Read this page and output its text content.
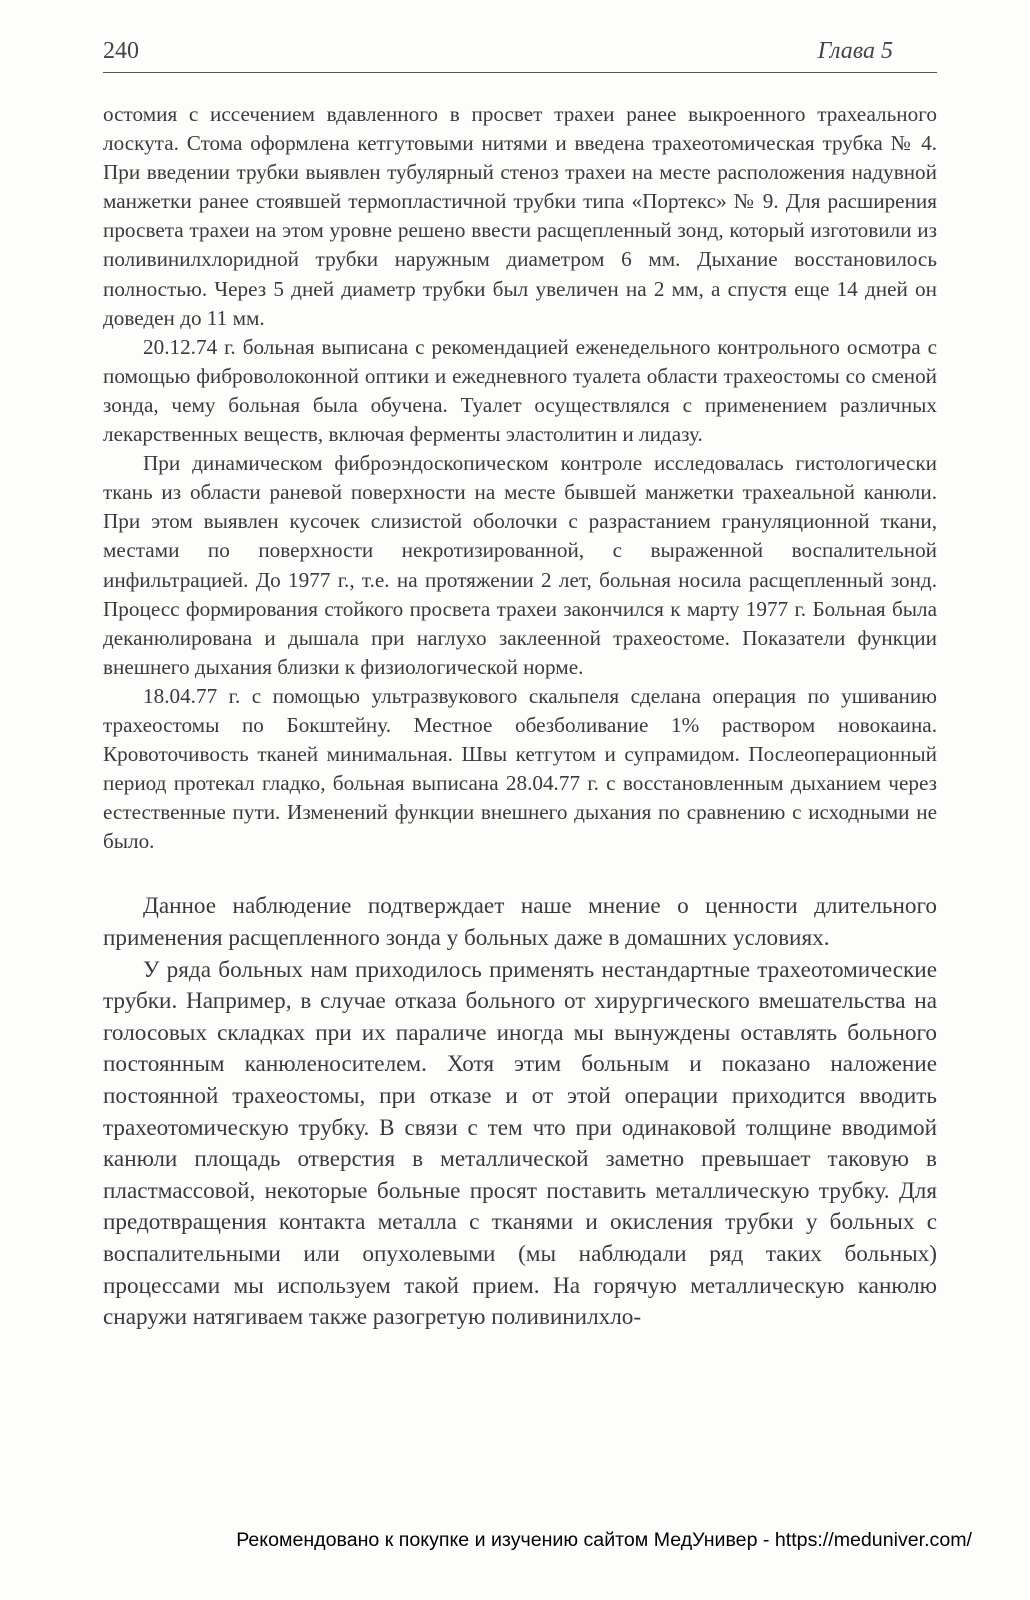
240	Глава 5

остомия с иссечением вдавленного в просвет трахеи ранее выкроенного трахеального лоскута. Стома оформлена кетгутовыми нитями и введена трахеотомическая трубка № 4. При введении трубки выявлен тубулярный стеноз трахеи на месте расположения надувной манжетки ранее стоявшей термопластичной трубки типа «Портекс» № 9. Для расширения просвета трахеи на этом уровне решено ввести расщепленный зонд, который изготовили из поливинилхлоридной трубки наружным диаметром 6 мм. Дыхание восстановилось полностью. Через 5 дней диаметр трубки был увеличен на 2 мм, а спустя еще 14 дней он доведен до 11 мм.

20.12.74 г. больная выписана с рекомендацией еженедельного контрольного осмотра с помощью фиброволоконной оптики и ежедневного туалета области трахеостомы со сменой зонда, чему больная была обучена. Туалет осуществлялся с применением различных лекарственных веществ, включая ферменты эластолитин и лидазу.

При динамическом фиброэндоскопическом контроле исследовалась гистологически ткань из области раневой поверхности на месте бывшей манжетки трахеальной канюли. При этом выявлен кусочек слизистой оболочки с разрастанием грануляционной ткани, местами по поверхности некротизированной, с выраженной воспалительной инфильтрацией. До 1977 г., т.е. на протяжении 2 лет, больная носила расщепленный зонд. Процесс формирования стойкого просвета трахеи закончился к марту 1977 г. Больная была деканюлирована и дышала при наглухо заклеенной трахеостоме. Показатели функции внешнего дыхания близки к физиологической норме.

18.04.77 г. с помощью ультразвукового скальпеля сделана операция по ушиванию трахеостомы по Бокштейну. Местное обезболивание 1% раствором новокаина. Кровоточивость тканей минимальная. Швы кетгутом и супрамидом. Послеоперационный период протекал гладко, больная выписана 28.04.77 г. с восстановленным дыханием через естественные пути. Изменений функции внешнего дыхания по сравнению с исходными не было.

Данное наблюдение подтверждает наше мнение о ценности длительного применения расщепленного зонда у больных даже в домашних условиях.

У ряда больных нам приходилось применять нестандартные трахеотомические трубки. Например, в случае отказа больного от хирургического вмешательства на голосовых складках при их параличе иногда мы вынуждены оставлять больного постоянным канюленосителем. Хотя этим больным и показано наложение постоянной трахеостомы, при отказе и от этой операции приходится вводить трахеотомическую трубку. В связи с тем что при одинаковой толщине вводимой канюли площадь отверстия в металлической заметно превышает таковую в пластмассовой, некоторые больные просят поставить металлическую трубку. Для предотвращения контакта металла с тканями и окисления трубки у больных с воспалительными или опухолевыми (мы наблюдали ряд таких больных) процессами мы используем такой прием. На горячую металлическую канюлю снаружи натягиваем также разогретую поливинилхло-

Рекомендовано к покупке и изучению сайтом МедУнивер - https://meduniver.com/
